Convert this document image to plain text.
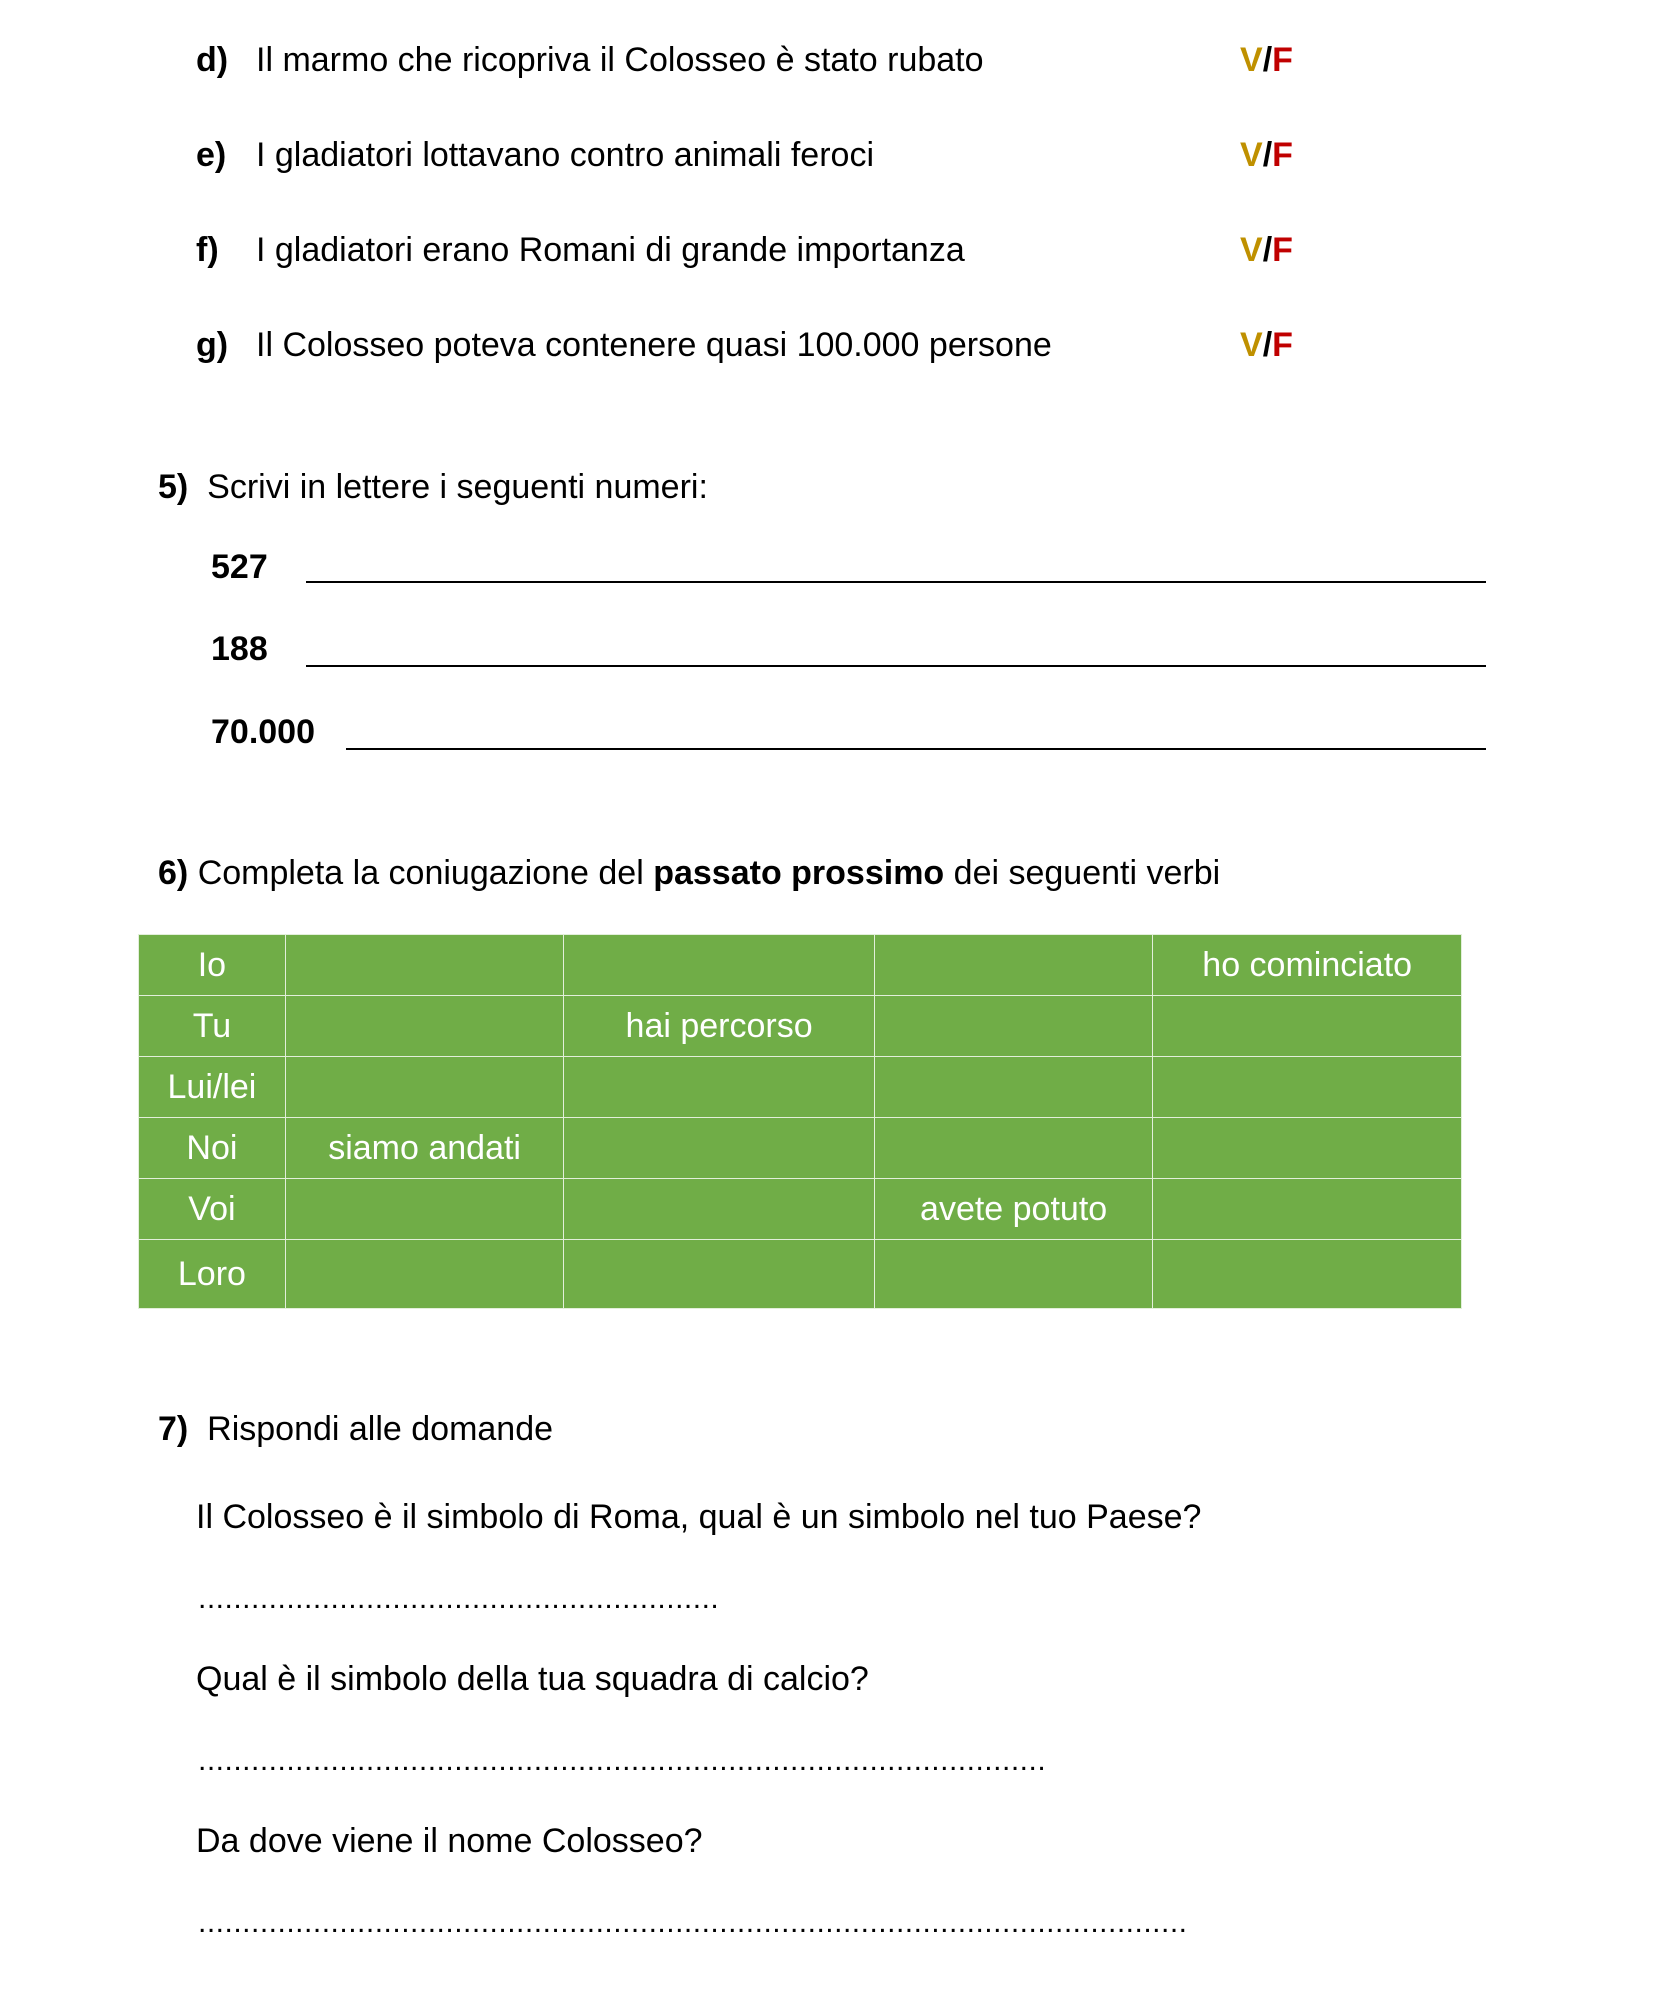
d) Il marmo che ricopriva il Colosseo è stato rubato	V/F
e) I gladiatori lottavano contro animali feroci	V/F
f) I gladiatori erano Romani di grande importanza	V/F
g) Il Colosseo poteva contenere quasi 100.000 persone	V/F
5) Scrivi in lettere i seguenti numeri:
527
188
70.000
6) Completa la coniugazione del passato prossimo dei seguenti verbi
Io				ho cominciato
Tu		hai percorso		
Lui/lei				
Noi	siamo andati			
Voi			avete potuto	
Loro				
7) Rispondi alle domande
Il Colosseo è il simbolo di Roma, qual è un simbolo nel tuo Paese?
...........................................................
Qual è il simbolo della tua squadra di calcio?
................................................................................................
Da dove viene il nome Colosseo?
................................................................................................................
